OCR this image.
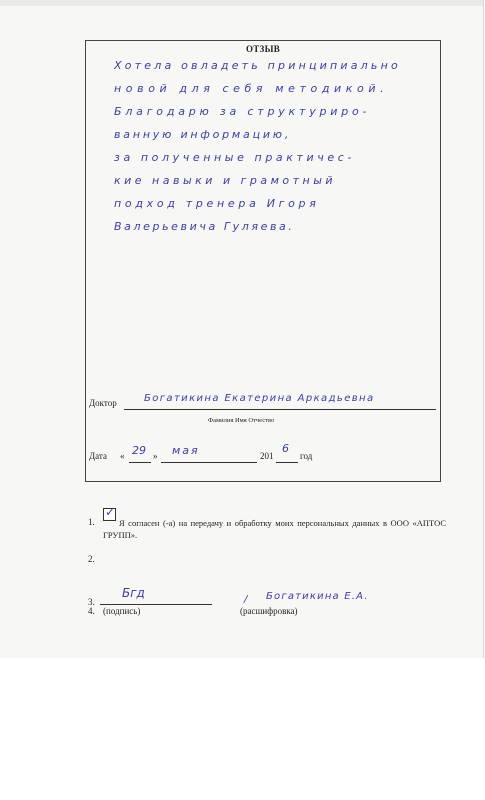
ОТЗЫВ
Хотела овладеть принципиально
новой для себя методикой.
Благодарю за структуриро-
ванную информацию,
за полученные практичес-
кие навыки и грамотный
подход тренера Игоря
Валерьевича Гуляева.
Доктор	Богатикина Екатерина Аркадьевна
Фамилия Имя Отчество
Дата « 29 » мая	201
6
год
1.
✓
Я согласен (-а) на передачу и обработку моих персональных данных в ООО «АПТОС ГРУПП».
2.
3.
Бгд
4. (подпись)
/ Богатикина Е.А.
(расшифровка)
